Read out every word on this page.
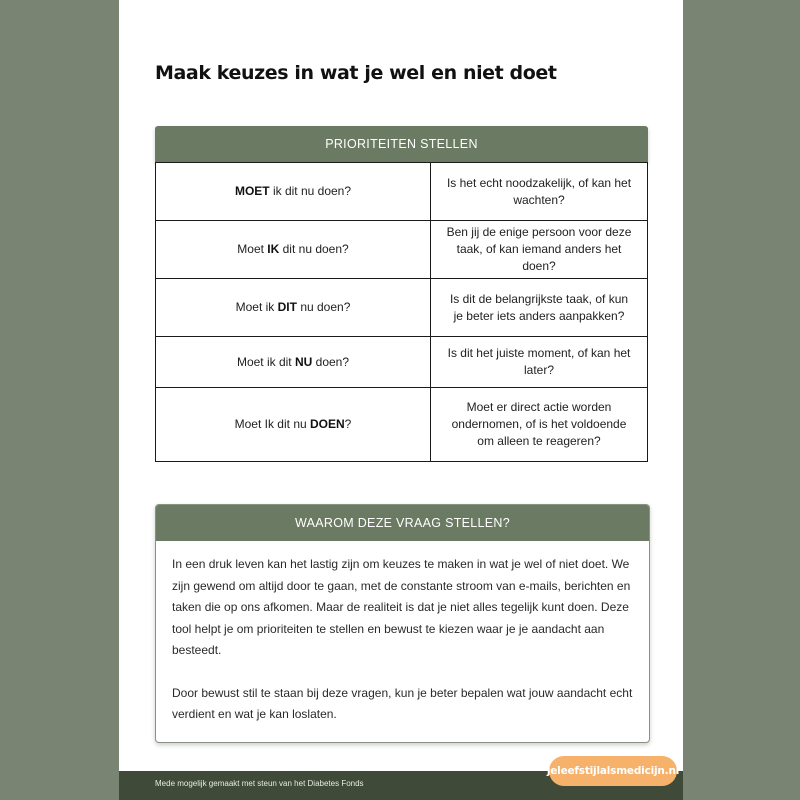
Maak keuzes in wat je wel en niet doet
PRIORITEITEN STELLEN
MOET ik dit nu doen?	Is het echt noodzakelijk, of kan het wachten?
Moet IK dit nu doen?	Ben jij de enige persoon voor deze taak, of kan iemand anders het doen?
Moet ik DIT nu doen?	Is dit de belangrijkste taak, of kun je beter iets anders aanpakken?
Moet ik dit NU doen?	Is dit het juiste moment, of kan het later?
Moet Ik dit nu DOEN?	Moet er direct actie worden ondernomen, of is het voldoende om alleen te reageren?
WAAROM DEZE VRAAG STELLEN?

In een druk leven kan het lastig zijn om keuzes te maken in wat je wel of niet doet. We zijn gewend om altijd door te gaan, met de constante stroom van e-mails, berichten en taken die op ons afkomen. Maar de realiteit is dat je niet alles tegelijk kunt doen. Deze tool helpt je om prioriteiten te stellen en bewust te kiezen waar je je aandacht aan besteedt.

Door bewust stil te staan bij deze vragen, kun je beter bepalen wat jouw aandacht echt verdient en wat je kan loslaten.

Mede mogelijk gemaakt met steun van het Diabetes Fonds
jeleefstijlalsmedicijn.nl
